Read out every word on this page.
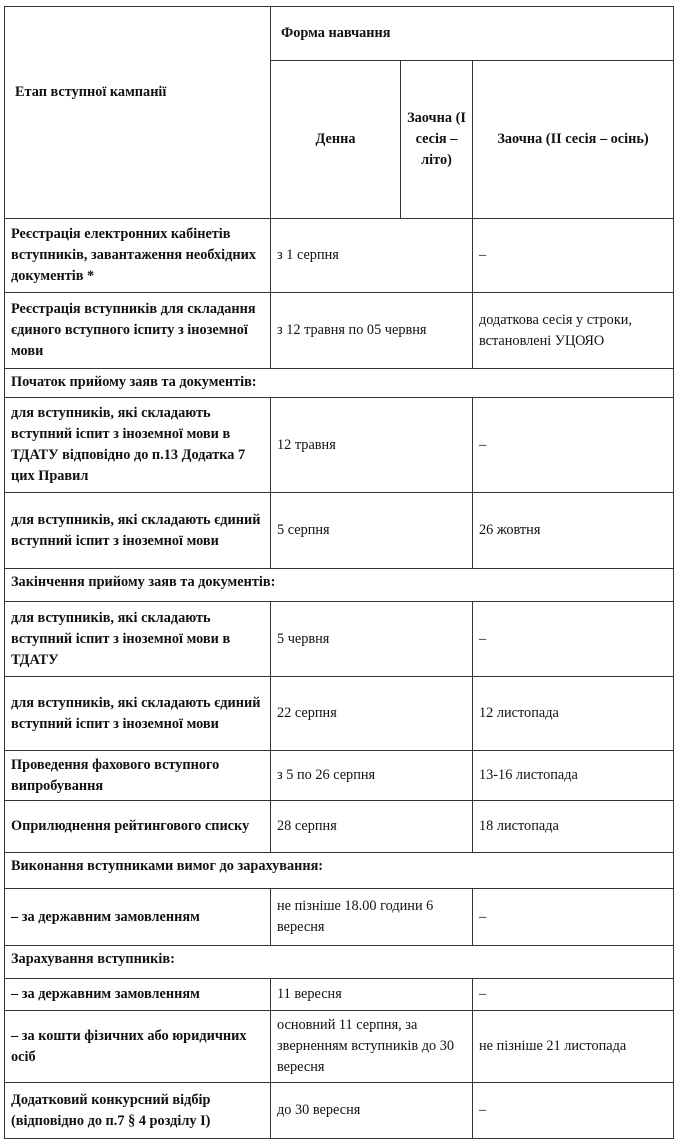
Етап вступної кампанії	Форма навчання		
	Денна	Заочна (І сесія – літо)	Заочна (ІІ сесія – осінь)
Реєстрація електронних кабінетів вступників, завантаження необхідних документів *	з 1 серпня		–
Реєстрація вступників для складання єдиного вступного іспиту з іноземної мови	з 12 травня по 05 червня		додаткова сесія у строки, встановлені УЦОЯО
Початок прийому заяв та документів:			
для вступників, які складають вступний іспит з іноземної мови в ТДАТУ відповідно до п.13 Додатка 7 цих Правил	12 травня		–
для вступників, які складають єдиний вступний іспит з іноземної мови	5 серпня		26 жовтня
Закінчення прийому заяв та документів:			
для вступників, які складають вступний іспит з іноземної мови в ТДАТУ	5 червня		–
для вступників, які складають єдиний вступний іспит з іноземної мови	22 серпня		12 листопада
Проведення фахового вступного випробування	з 5 по 26 серпня		13-16 листопада
Оприлюднення рейтингового списку	28 серпня		18 листопада
Виконання вступниками вимог до зарахування:			
– за державним замовленням	не пізніше 18.00 години 6 вересня		–
Зарахування вступників:			
– за державним замовленням	11 вересня		–
– за кошти фізичних або юридичних осіб	основний 11 серпня, за зверненням вступників до 30 вересня		не пізніше 21 листопада
Додатковий конкурсний відбір (відповідно до п.7 § 4 розділу І)	до 30 вересня		–
